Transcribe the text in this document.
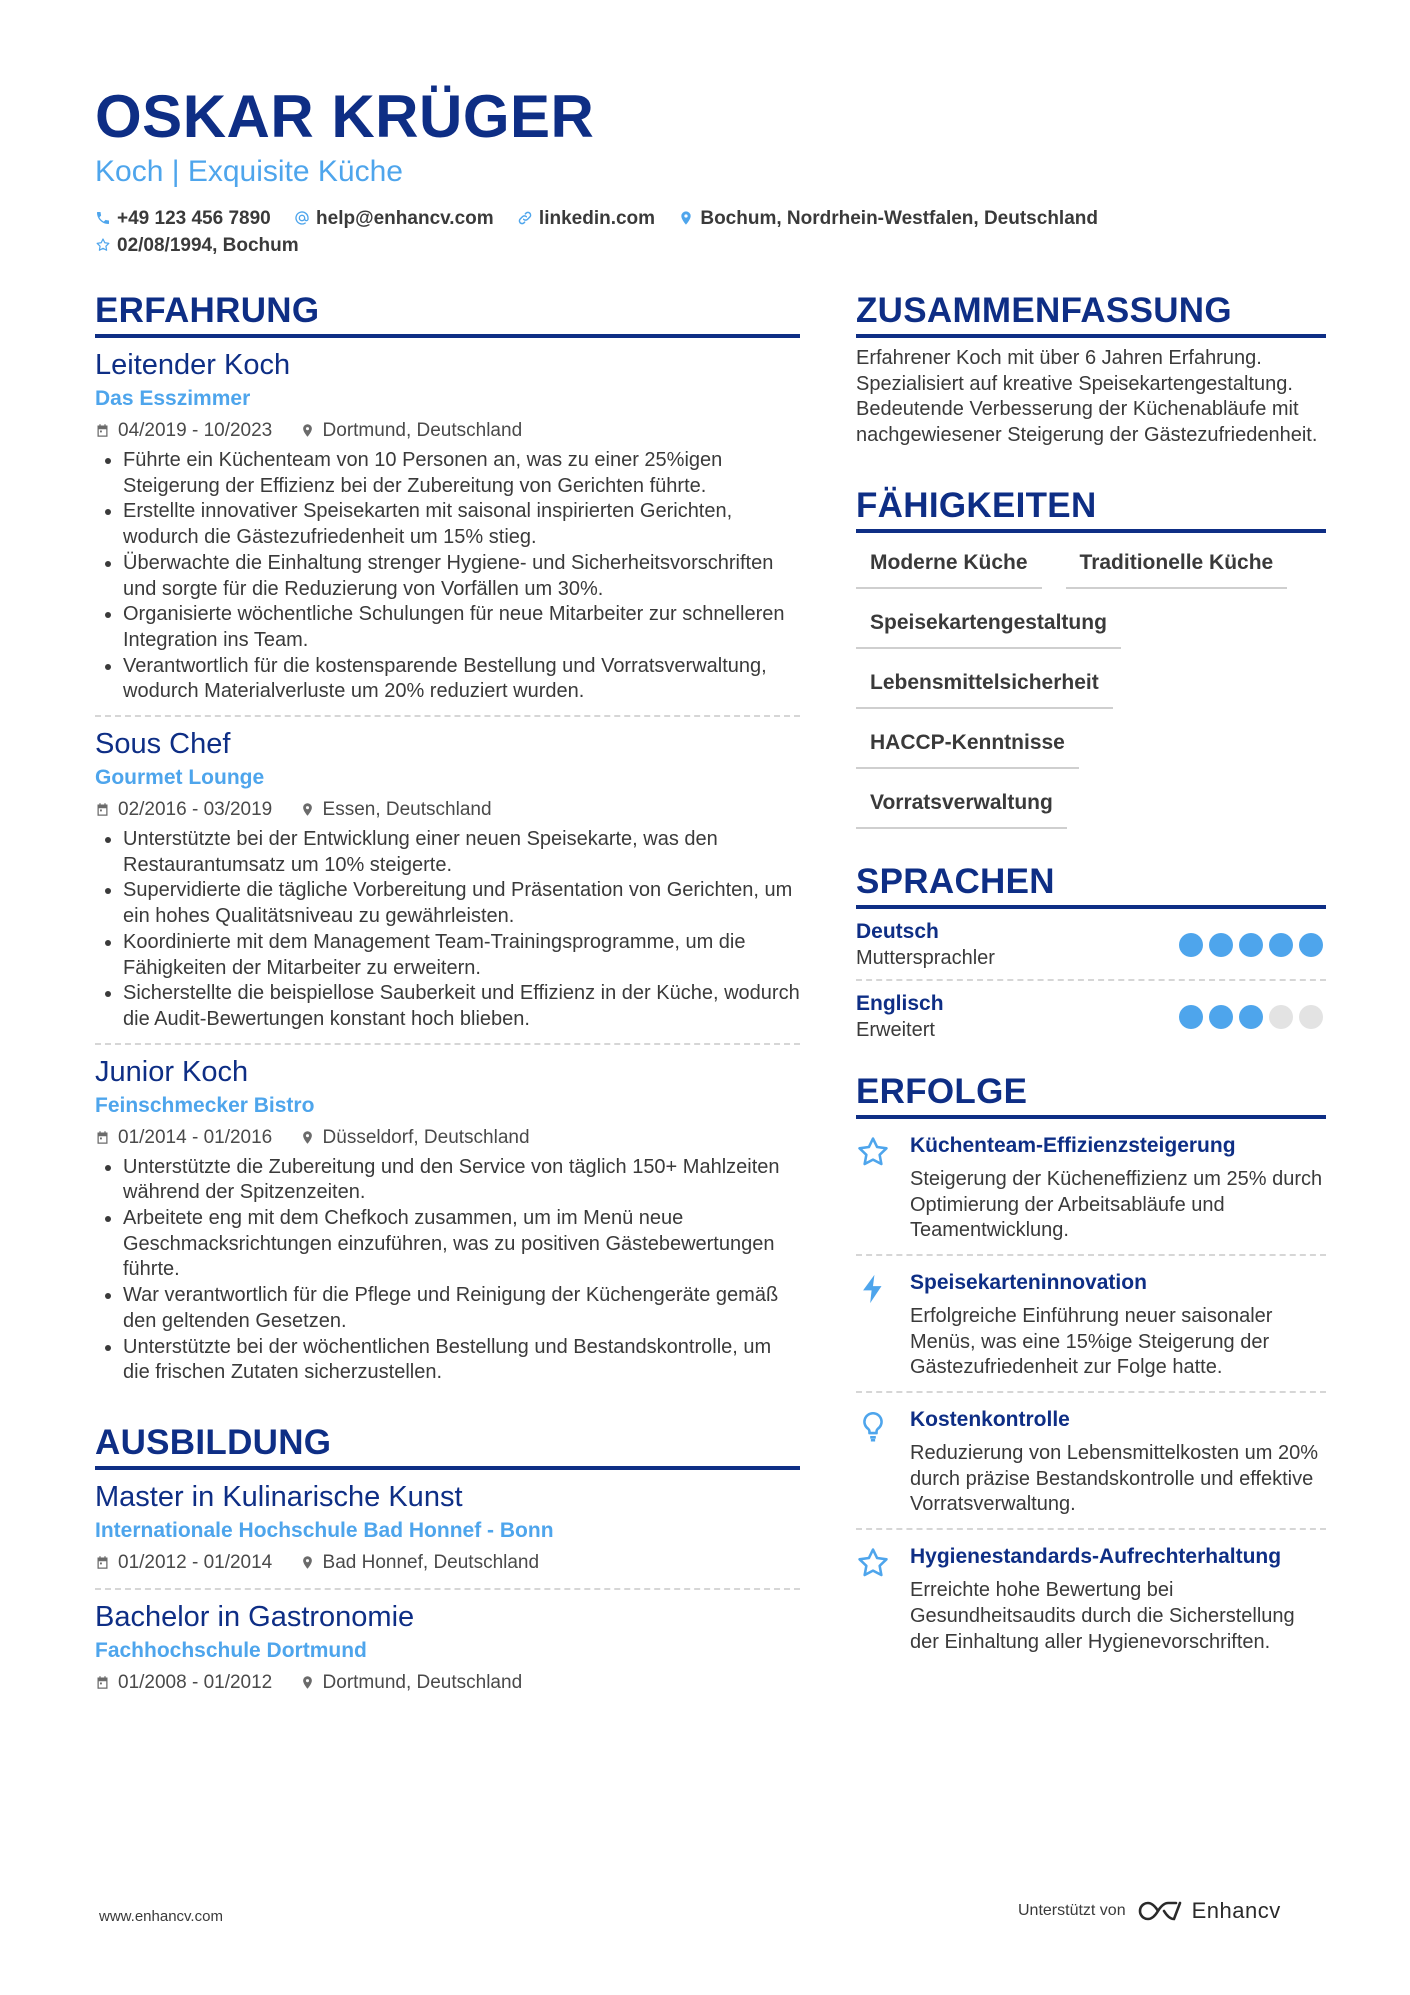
OSKAR KRÜGER
Koch | Exquisite Küche
+49 123 456 7890 help@enhancv.com linkedin.com Bochum, Nordrhein-Westfalen, Deutschland
02/08/1994, Bochum
ERFAHRUNG
Leitender Koch
Das Esszimmer
04/2019 - 10/2023	Dortmund, Deutschland
• Führte ein Küchenteam von 10 Personen an, was zu einer 25%igen Steigerung der Effizienz bei der Zubereitung von Gerichten führte.
• Erstellte innovativer Speisekarten mit saisonal inspirierten Gerichten, wodurch die Gästezufriedenheit um 15% stieg.
• Überwachte die Einhaltung strenger Hygiene- und Sicherheitsvorschriften und sorgte für die Reduzierung von Vorfällen um 30%.
• Organisierte wöchentliche Schulungen für neue Mitarbeiter zur schnelleren Integration ins Team.
• Verantwortlich für die kostensparende Bestellung und Vorratsverwaltung, wodurch Materialverluste um 20% reduziert wurden.
Sous Chef
Gourmet Lounge
02/2016 - 03/2019	Essen, Deutschland
• Unterstützte bei der Entwicklung einer neuen Speisekarte, was den Restaurantumsatz um 10% steigerte.
• Supervidierte die tägliche Vorbereitung und Präsentation von Gerichten, um ein hohes Qualitätsniveau zu gewährleisten.
• Koordinierte mit dem Management Team-Trainingsprogramme, um die Fähigkeiten der Mitarbeiter zu erweitern.
• Sicherstellte die beispiellose Sauberkeit und Effizienz in der Küche, wodurch die Audit-Bewertungen konstant hoch blieben.
Junior Koch
Feinschmecker Bistro
01/2014 - 01/2016	Düsseldorf, Deutschland
• Unterstützte die Zubereitung und den Service von täglich 150+ Mahlzeiten während der Spitzenzeiten.
• Arbeitete eng mit dem Chefkoch zusammen, um im Menü neue Geschmacksrichtungen einzuführen, was zu positiven Gästebewertungen führte.
• War verantwortlich für die Pflege und Reinigung der Küchengeräte gemäß den geltenden Gesetzen.
• Unterstützte bei der wöchentlichen Bestellung und Bestandskontrolle, um die frischen Zutaten sicherzustellen.
AUSBILDUNG
Master in Kulinarische Kunst
Internationale Hochschule Bad Honnef - Bonn
01/2012 - 01/2014	Bad Honnef, Deutschland
Bachelor in Gastronomie
Fachhochschule Dortmund
01/2008 - 01/2012	Dortmund, Deutschland
ZUSAMMENFASSUNG
Erfahrener Koch mit über 6 Jahren Erfahrung. Spezialisiert auf kreative Speisekartengestaltung. Bedeutende Verbesserung der Küchenabläufe mit nachgewiesener Steigerung der Gästezufriedenheit.
FÄHIGKEITEN
Moderne Küche	Traditionelle Küche
Speisekartengestaltung
Lebensmittelsicherheit
HACCP-Kenntnisse
Vorratsverwaltung
SPRACHEN
Deutsch
Muttersprachler
Englisch
Erweitert
ERFOLGE
Küchenteam-Effizienzsteigerung
Steigerung der Kücheneffizienz um 25% durch Optimierung der Arbeitsabläufe und Teamentwicklung.
Speisekarteninnovation
Erfolgreiche Einführung neuer saisonaler Menüs, was eine 15%ige Steigerung der Gästezufriedenheit zur Folge hatte.
Kostenkontrolle
Reduzierung von Lebensmittelkosten um 20% durch präzise Bestandskontrolle und effektive Vorratsverwaltung.
Hygienestandards-Aufrechterhaltung
Erreichte hohe Bewertung bei Gesundheitsaudits durch die Sicherstellung der Einhaltung aller Hygienevorschriften.
www.enhancv.com	Unterstützt von	Enhancv
